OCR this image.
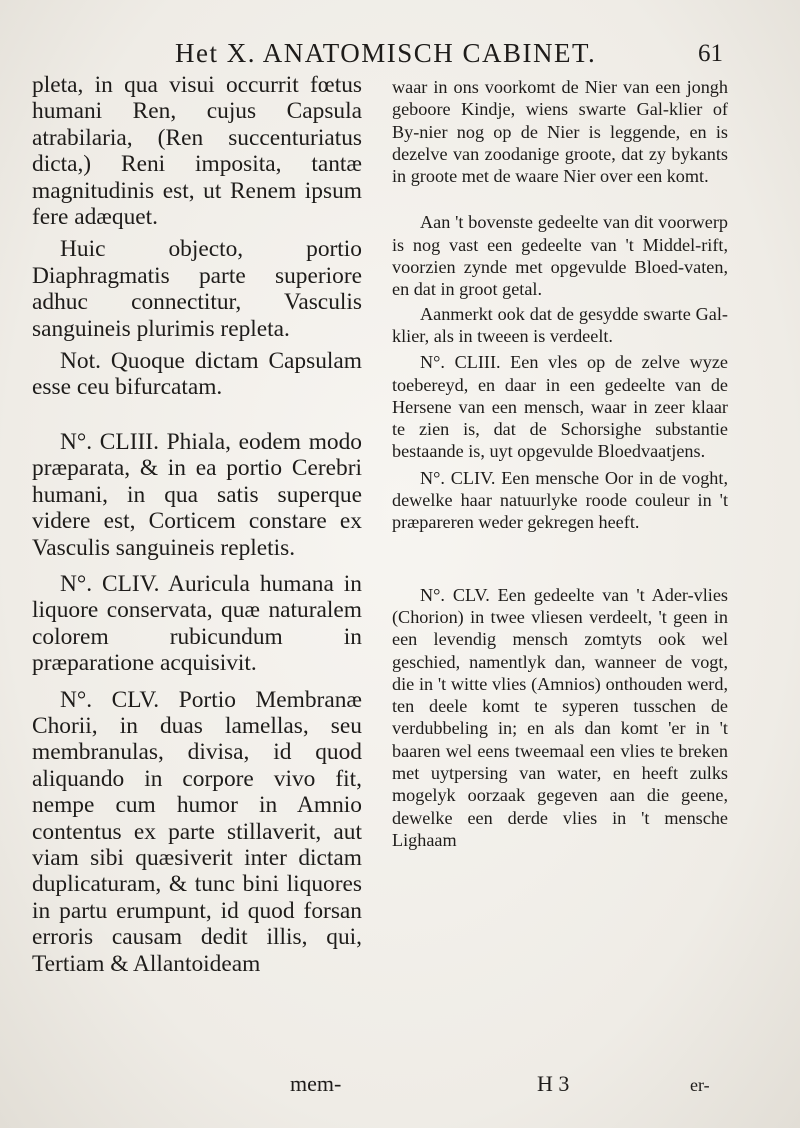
Het X. ANATOMISCH CABINET.	61

pleta, in qua visui occurrit fœtus humani Ren, cujus Capsula atrabilaria, (Ren succenturiatus dicta,) Reni imposita, tantæ magnitudinis est, ut Renem ipsum fere adæquet.

Huic objecto, portio Diaphragmatis parte superiore adhuc connectitur, Vasculis sanguineis plurimis repleta.

Not. Quoque dictam Capsulam esse ceu bifurcatam.

N°. CLIII. Phiala, eodem modo præparata, & in ea portio Cerebri humani, in qua satis superque videre est, Corticem constare ex Vasculis sanguineis repletis.

N°. CLIV. Auricula humana in liquore conservata, quæ naturalem colorem rubicundum in præparatione acquisivit.

N°. CLV. Portio Membranæ Chorii, in duas lamellas, seu membranulas, divisa, id quod aliquando in corpore vivo fit, nempe cum humor in Amnio contentus ex parte stillaverit, aut viam sibi quæsiverit inter dictam duplicaturam, & tunc bini liquores in partu erumpunt, id quod forsan erroris causam dedit illis, qui, Tertiam & Allantoideam

waar in ons voorkomt de Nier van een jongh geboore Kindje, wiens swarte Gal-klier of By-nier nog op de Nier is leggende, en is dezelve van zoodanige groote, dat zy bykants in groote met de waare Nier over een komt.

Aan 't bovenste gedeelte van dit voorwerp is nog vast een gedeelte van 't Middel-rift, voorzien zynde met opgevulde Bloed-vaten, en dat in groot getal.

Aanmerkt ook dat de gesydde swarte Gal-klier, als in tweeen is verdeelt.

N°. CLIII. Een vles op de zelve wyze toebereyd, en daar in een gedeelte van de Hersene van een mensch, waar in zeer klaar te zien is, dat de Schorsighe substantie bestaande is, uyt opgevulde Bloedvaatjens.

N°. CLIV. Een mensche Oor in de voght, dewelke haar natuurlyke roode couleur in 't præpareren weder gekregen heeft.

N°. CLV. Een gedeelte van 't Ader-vlies (Chorion) in twee vliesen verdeelt, 't geen in een levendig mensch zomtyts ook wel geschied, namentlyk dan, wanneer de vogt, die in 't witte vlies (Amnios) onthouden werd, ten deele komt te syperen tusschen de verdubbeling in; en als dan komt 'er in 't baaren wel eens tweemaal een vlies te breken met uytpersing van water, en heeft zulks mogelyk oorzaak gegeven aan die geene, dewelke een derde vlies in 't mensche Lighaam

mem-	H 3	er-
